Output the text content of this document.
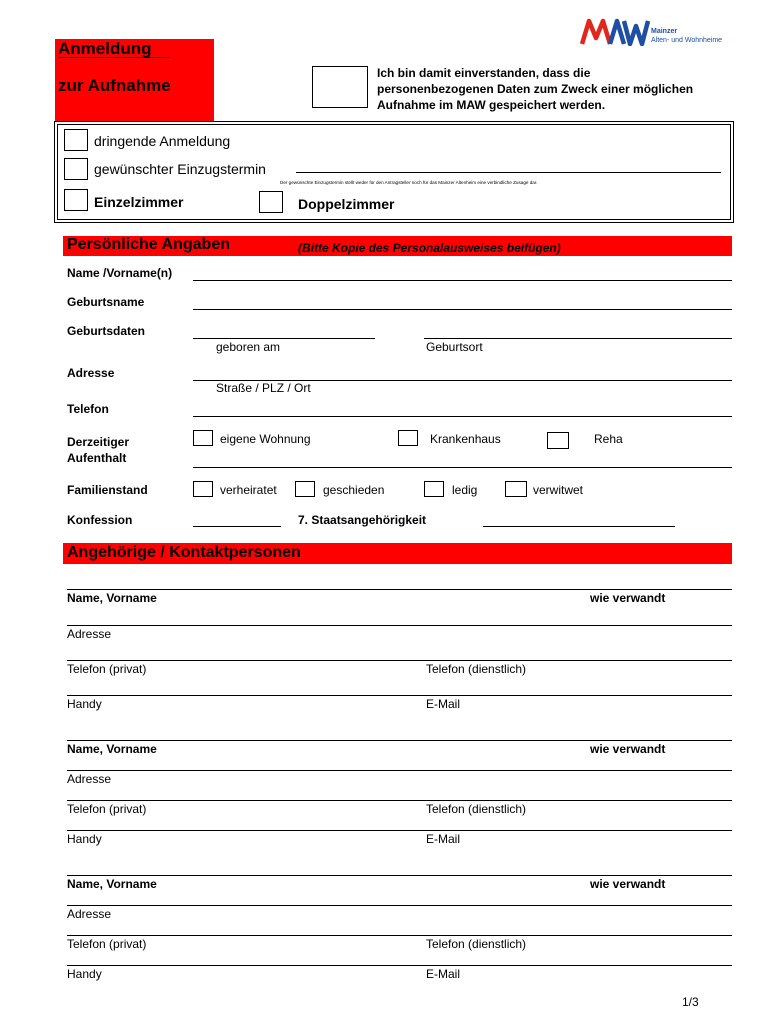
Mainzer
Alten- und Wohnheime
Anmeldung
zur Aufnahme
Ich bin damit einverstanden, dass die
personenbezogenen Daten zum Zweck einer möglichen
Aufnahme im MAW gespeichert werden.
dringende Anmeldung
gewünschter Einzugstermin
Der gewünschte Einzugstermin stellt weder für den Antragsteller noch für das Mainzer Altenheim eine verbindliche Zusage dar.
Einzelzimmer	Doppelzimmer
Persönliche Angaben	(Bitte Kopie des Personalausweises beifügen)
Name /Vorname(n)
Geburtsname
Geburtsdaten
geboren am	Geburtsort
Adresse
Straße / PLZ / Ort
Telefon
Derzeitiger
Aufenthalt
eigene Wohnung	Krankenhaus	Reha
Familienstand	verheiratet	geschieden	ledig	verwitwet
Konfession	7. Staatsangehörigkeit
Angehörige / Kontaktpersonen
Name, Vorname	wie verwandt
Adresse
Telefon (privat)	Telefon (dienstlich)
Handy	E-Mail
Name, Vorname	wie verwandt
Adresse
Telefon (privat)	Telefon (dienstlich)
Handy	E-Mail
Name, Vorname	wie verwandt
Adresse
Telefon (privat)	Telefon (dienstlich)
Handy	E-Mail
1/3
